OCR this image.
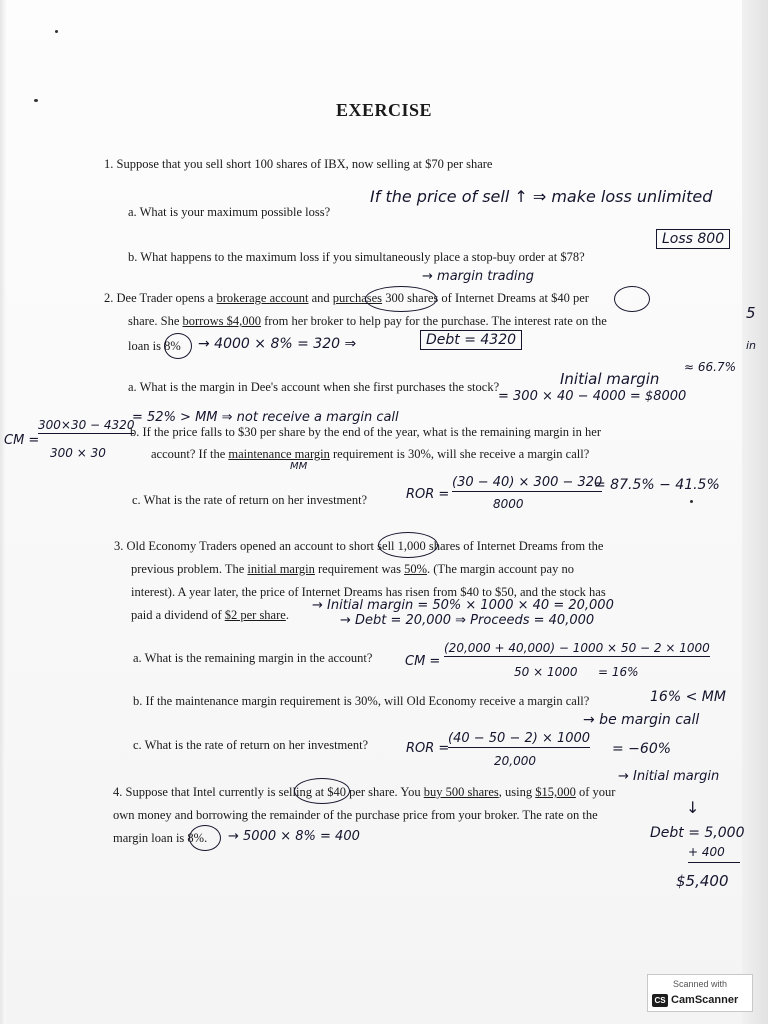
EXERCISE
1. Suppose that you sell short 100 shares of IBX, now selling at $70 per share
a. What is your maximum possible loss?
If the price of sell ↑ ⇒ make loss unlimited
b. What happens to the maximum loss if you simultaneously place a stop-buy order at $78?
Loss 800
→ margin trading
2. Dee Trader opens a brokerage account and purchases 300 shares of Internet Dreams at $40 per
share. She borrows $4,000 from her broker to help pay for the purchase. The interest rate on the
loan is 8% → 4000 × 8% = 320 ⇒	Debt = 4320
a. What is the margin in Dee's account when she first purchases the stock?	Initial margin
= 300 × 40 − 4000 = $8000
≈ 66.7%
300×30 − 4320
300 × 30
CM =
= 52% > MM ⇒ not receive a margin call
b. If the price falls to $30 per share by the end of the year, what is the remaining margin in her
account? If the maintenance margin requirement is 30%, will she receive a margin call?
MM
c. What is the rate of return on her investment?	ROR =
(30 − 40) × 300 − 320
8000
= 87.5% − 41.5%
3. Old Economy Traders opened an account to short sell 1,000 shares of Internet Dreams from the
previous problem. The initial margin requirement was 50%. (The margin account pay no
interest). A year later, the price of Internet Dreams has risen from $40 to $50, and the stock has
paid a dividend of $2 per share.
→ Initial margin = 50% × 1000 × 40 = 20,000
→ Debt = 20,000 ⇒ Proceeds = 40,000
a. What is the remaining margin in the account?	CM =
(20,000 + 40,000) − 1000 × 50 − 2 × 1000
50 × 1000 = 16%
b. If the maintenance margin requirement is 30%, will Old Economy receive a margin call?	16% < MM
→ be margin call
c. What is the rate of return on her investment?	ROR =
(40 − 50 − 2) × 1000
20,000
= −60%
→ Initial margin
4. Suppose that Intel currently is selling at $40 per share. You buy 500 shares, using $15,000 of your
own money and borrowing the remainder of the purchase price from your broker. The rate on the	↓
margin loan is 8%. → 5000 × 8% = 400	Debt = 5,000
+ 400
$5,400
5
in
Scanned with
CS CamScanner
